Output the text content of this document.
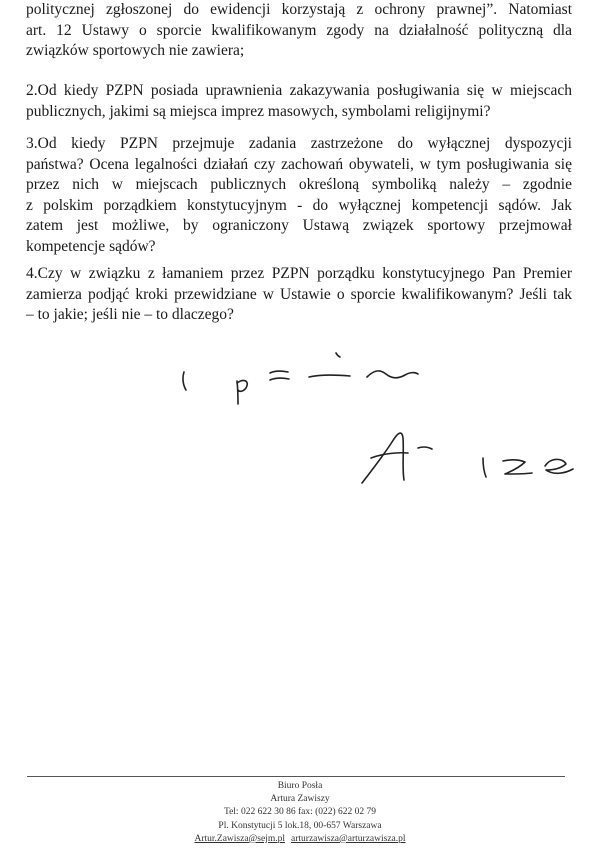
politycznej zgłoszonej do ewidencji korzystają z ochrony prawnej”. Natomiast
art. 12 Ustawy o sporcie kwalifikowanym zgody na działalność polityczną dla
związków sportowych nie zawiera;
2.Od kiedy PZPN posiada uprawnienia zakazywania posługiwania się w miejscach
publicznych, jakimi są miejsca imprez masowych, symbolami religijnymi?
3.Od kiedy PZPN przejmuje zadania zastrzeżone do wyłącznej dyspozycji
państwa? Ocena legalności działań czy zachowań obywateli, w tym posługiwania się
przez nich w miejscach publicznych określoną symboliką należy – zgodnie
z polskim porządkiem konstytucyjnym - do wyłącznej kompetencji sądów. Jak
zatem jest możliwe, by ograniczony Ustawą związek sportowy przejmował
kompetencje sądów?
4.Czy w związku z łamaniem przez PZPN porządku konstytucyjnego Pan Premier
zamierza podjąć kroki przewidziane w Ustawie o sporcie kwalifikowanym? Jeśli tak
– to jakie; jeśli nie – to dlaczego?
Biuro Posła
Artura Zawiszy
Tel: 022 622 30 86 fax: (022) 622 02 79
Pl. Konstytucji 5 lok.18, 00-657 Warszawa
Artur.Zawisza@sejm.pl arturzawisza@arturzawisza.pl
